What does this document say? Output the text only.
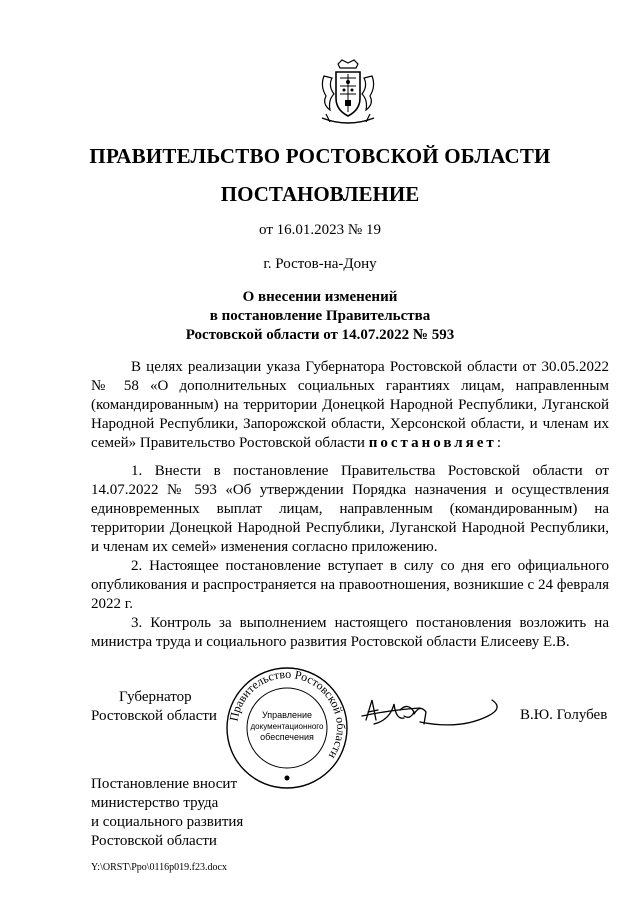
ПРАВИТЕЛЬСТВО РОСТОВСКОЙ ОБЛАСТИ
ПОСТАНОВЛЕНИЕ
от 16.01.2023 № 19
г. Ростов-на-Дону
О внесении изменений
в постановление Правительства
Ростовской области от 14.07.2022 № 593

В целях реализации указа Губернатора Ростовской области от 30.05.2022 № 58 «О дополнительных социальных гарантиях лицам, направленным (командированным) на территории Донецкой Народной Республики, Луганской Народной Республики, Запорожской области, Херсонской области, и членам их семей» Правительство Ростовской области постановляет:

1. Внести в постановление Правительства Ростовской области от 14.07.2022 № 593 «Об утверждении Порядка назначения и осуществления единовременных выплат лицам, направленным (командированным) на территории Донецкой Народной Республики, Луганской Народной Республики, и членам их семей» изменения согласно приложению.

2. Настоящее постановление вступает в силу со дня его официального опубликования и распространяется на правоотношения, возникшие с 24 февраля 2022 г.

3. Контроль за выполнением настоящего постановления возложить на министра труда и социального развития Ростовской области Елисееву Е.В.

Губернатор
Ростовской области Правительство Ростовской области
Управление
документационного
обеспечения
В.Ю. Голубев
Постановление вносит
министерство труда
и социального развития
Ростовской области
Y:\ORST\Ppo\0116p019.f23.docx
